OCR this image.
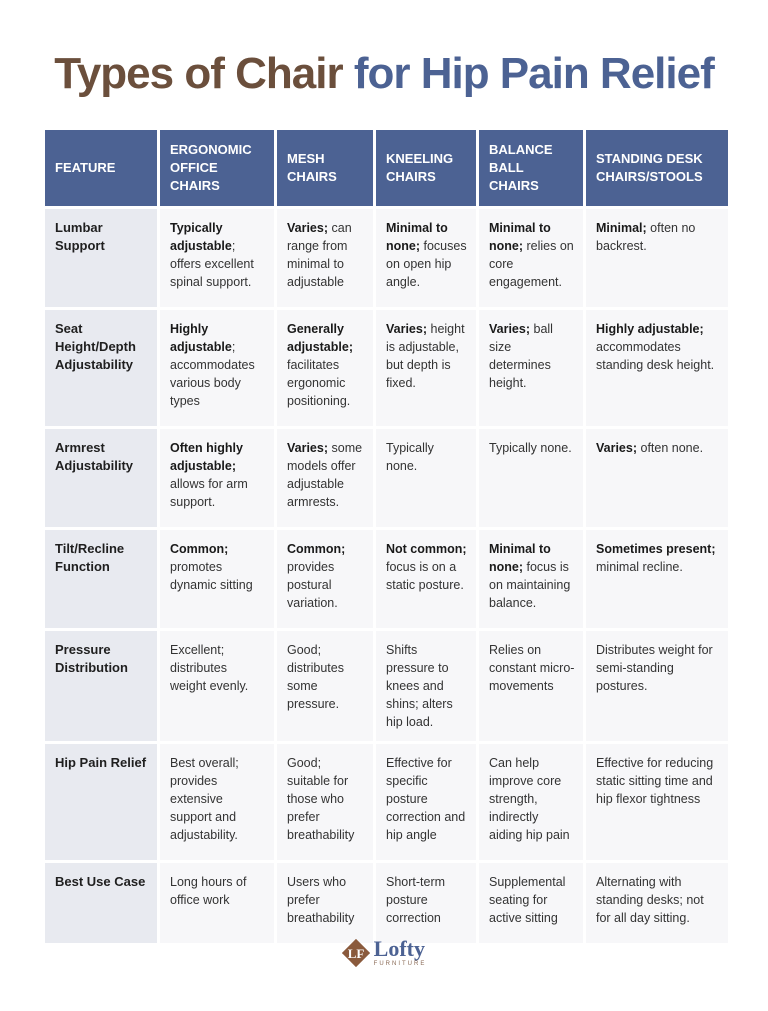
Types of Chair for Hip Pain Relief
FEATURE	ERGONOMIC OFFICE CHAIRS	MESH CHAIRS	KNEELING CHAIRS	BALANCE BALL CHAIRS	STANDING DESK CHAIRS/STOOLS
Lumbar Support	Typically adjustable; offers excellent spinal support.	Varies; can range from minimal to adjustable	Minimal to none; focuses on open hip angle.	Minimal to none; relies on core engagement.	Minimal; often no backrest.
Seat Height/Depth Adjustability	Highly adjustable; accommodates various body types	Generally adjustable; facilitates ergonomic positioning.	Varies; height is adjustable, but depth is fixed.	Varies; ball size determines height.	Highly adjustable; accommodates standing desk height.
Armrest Adjustability	Often highly adjustable; allows for arm support.	Varies; some models offer adjustable armrests.	Typically none.	Typically none.	Varies; often none.
Tilt/Recline Function	Common; promotes dynamic sitting	Common; provides postural variation.	Not common; focus is on a static posture.	Minimal to none; focus is on maintaining balance.	Sometimes present; minimal recline.
Pressure Distribution	Excellent; distributes weight evenly.	Good; distributes some pressure.	Shifts pressure to knees and shins; alters hip load.	Relies on constant micro-movements	Distributes weight for semi-standing postures.
Hip Pain Relief	Best overall; provides extensive support and adjustability.	Good; suitable for those who prefer breathability	Effective for specific posture correction and hip angle	Can help improve core strength, indirectly aiding hip pain	Effective for reducing static sitting time and hip flexor tightness
Best Use Case	Long hours of office work	Users who prefer breathability	Short-term posture correction	Supplemental seating for active sitting	Alternating with standing desks; not for all day sitting.
LF Lofty
FURNITURE
